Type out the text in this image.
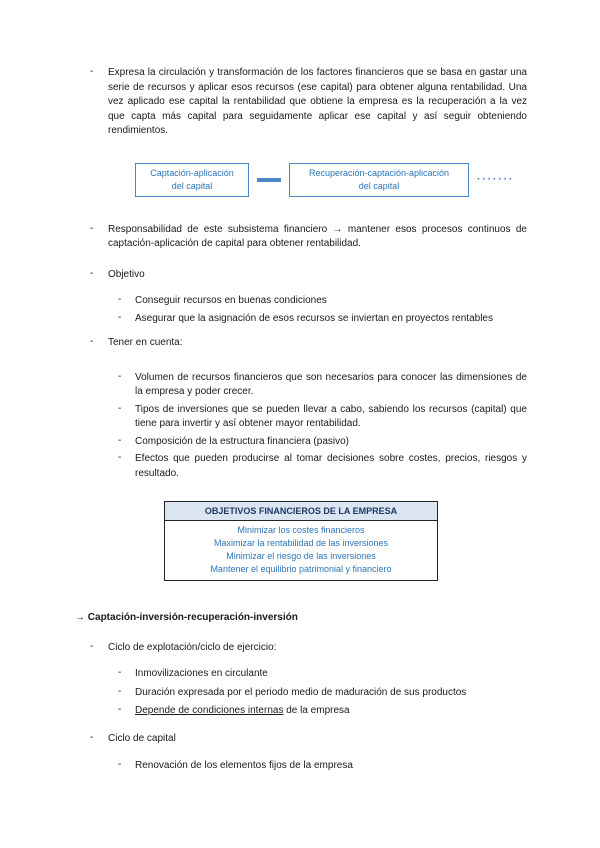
-	Expresa la circulación y transformación de los factores financieros que se basa en gastar una serie de recursos y aplicar esos recursos (ese capital) para obtener alguna rentabilidad. Una vez aplicado ese capital la rentabilidad que obtiene la empresa es la recuperación a la vez que capta más capital para seguidamente aplicar ese capital y así seguir obteniendo rendimientos.
Captación-aplicación
del capital
Recuperación-captación-aplicación
del capital
·······
-	Responsabilidad de este subsistema financiero → mantener esos procesos continuos de captación-aplicación de capital para obtener rentabilidad.
-	Objetivo
-	Conseguir recursos en buenas condiciones
-	Asegurar que la asignación de esos recursos se inviertan en proyectos rentables
-	Tener en cuenta:
-	Volumen de recursos financieros que son necesarios para conocer las dimensiones de la empresa y poder crecer.
-	Tipos de inversiones que se pueden llevar a cabo, sabiendo los recursos (capital) que tiene para invertir y así obtener mayor rentabilidad.
-	Composición de la estructura financiera (pasivo)
-	Efectos que pueden producirse al tomar decisiones sobre costes, precios, riesgos y resultado.
OBJETIVOS FINANCIEROS DE LA EMPRESA
Minimizar los costes financieros
Maximizar la rentabilidad de las inversiones
Minimizar el riesgo de las inversiones
Mantener el equilibrio patrimonial y financiero
→ Captación-inversión-recuperación-inversión
-	Ciclo de explotación/ciclo de ejercicio:
-	Inmovilizaciones en circulante
-	Duración expresada por el periodo medio de maduración de sus productos
-	Depende de condiciones internas de la empresa
-	Ciclo de capital
-	Renovación de los elementos fijos de la empresa
